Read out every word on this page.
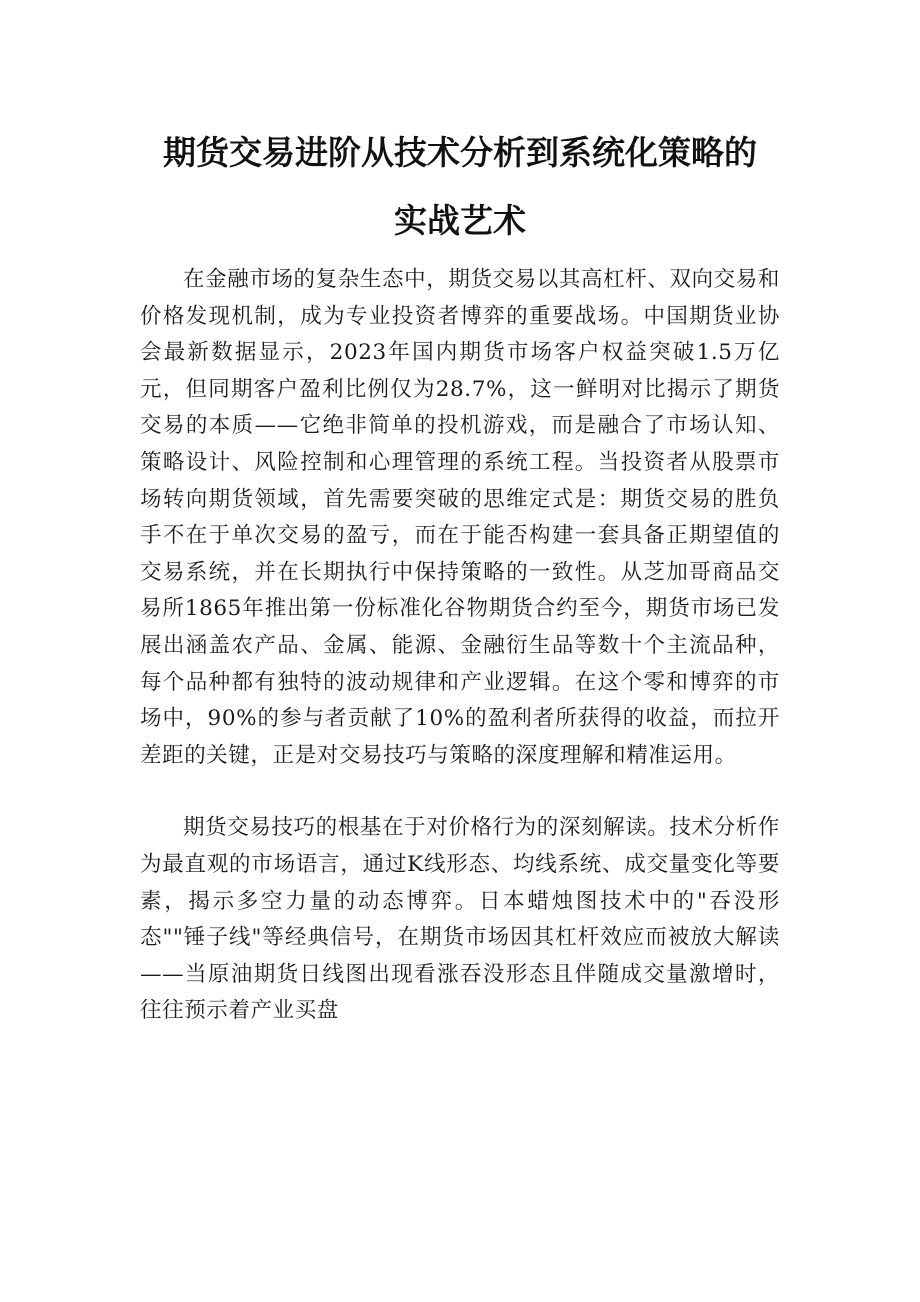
期货交易进阶从技术分析到系统化策略的
实战艺术

在金融市场的复杂生态中，期货交易以其高杠杆、双向交易和价格发现机制，成为专业投资者博弈的重要战场。中国期货业协会最新数据显示，2023年国内期货市场客户权益突破1.5万亿元，但同期客户盈利比例仅为28.7%，这一鲜明对比揭示了期货交易的本质——它绝非简单的投机游戏，而是融合了市场认知、策略设计、风险控制和心理管理的系统工程。当投资者从股票市场转向期货领域，首先需要突破的思维定式是：期货交易的胜负手不在于单次交易的盈亏，而在于能否构建一套具备正期望值的交易系统，并在长期执行中保持策略的一致性。从芝加哥商品交易所1865年推出第一份标准化谷物期货合约至今，期货市场已发展出涵盖农产品、金属、能源、金融衍生品等数十个主流品种，每个品种都有独特的波动规律和产业逻辑。在这个零和博弈的市场中，90%的参与者贡献了10%的盈利者所获得的收益，而拉开差距的关键，正是对交易技巧与策略的深度理解和精准运用。

期货交易技巧的根基在于对价格行为的深刻解读。技术分析作为最直观的市场语言，通过K线形态、均线系统、成交量变化等要素，揭示多空力量的动态博弈。日本蜡烛图技术中的"吞没形态""锤子线"等经典信号，在期货市场因其杠杆效应而被放大解读——当原油期货日线图出现看涨吞没形态且伴随成交量激增时，往往预示着产业买盘
